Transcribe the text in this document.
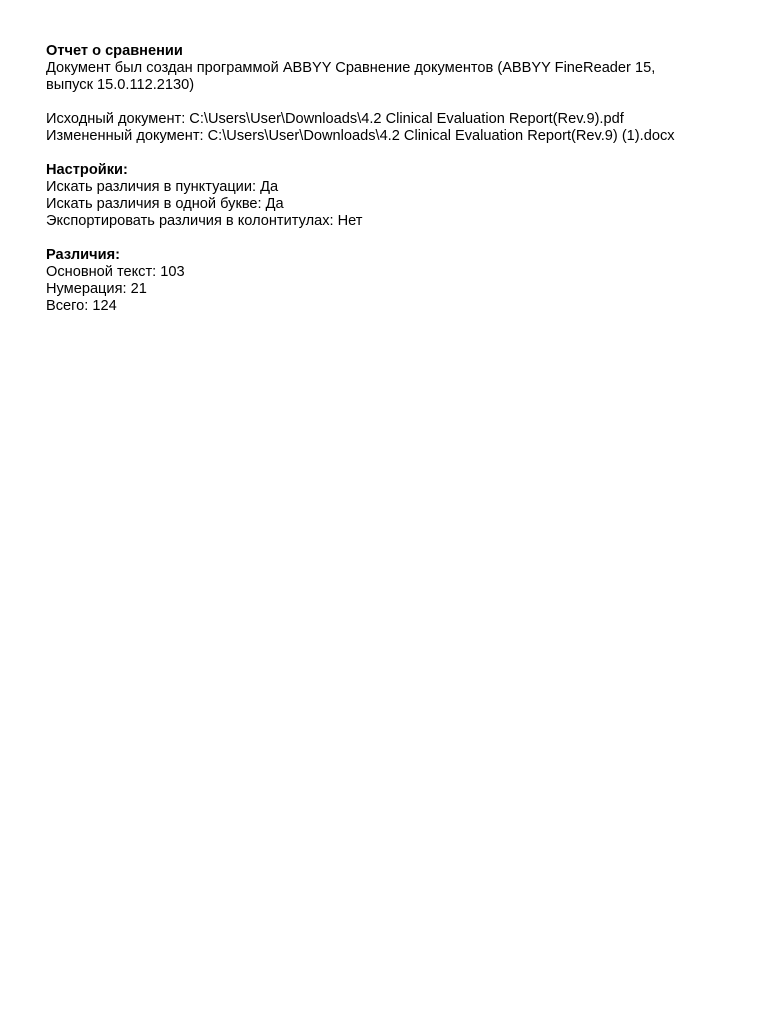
Отчет о сравнении
Документ был создан программой ABBYY Сравнение документов (ABBYY FineReader 15,
выпуск 15.0.112.2130)
Исходный документ: C:\Users\User\Downloads\4.2 Clinical Evaluation Report(Rev.9).pdf
Измененный документ: C:\Users\User\Downloads\4.2 Clinical Evaluation Report(Rev.9) (1).docx
Настройки:
Искать различия в пунктуации: Да
Искать различия в одной букве: Да
Экспортировать различия в колонтитулах: Нет
Различия:
Основной текст: 103
Нумерация: 21
Всего: 124
